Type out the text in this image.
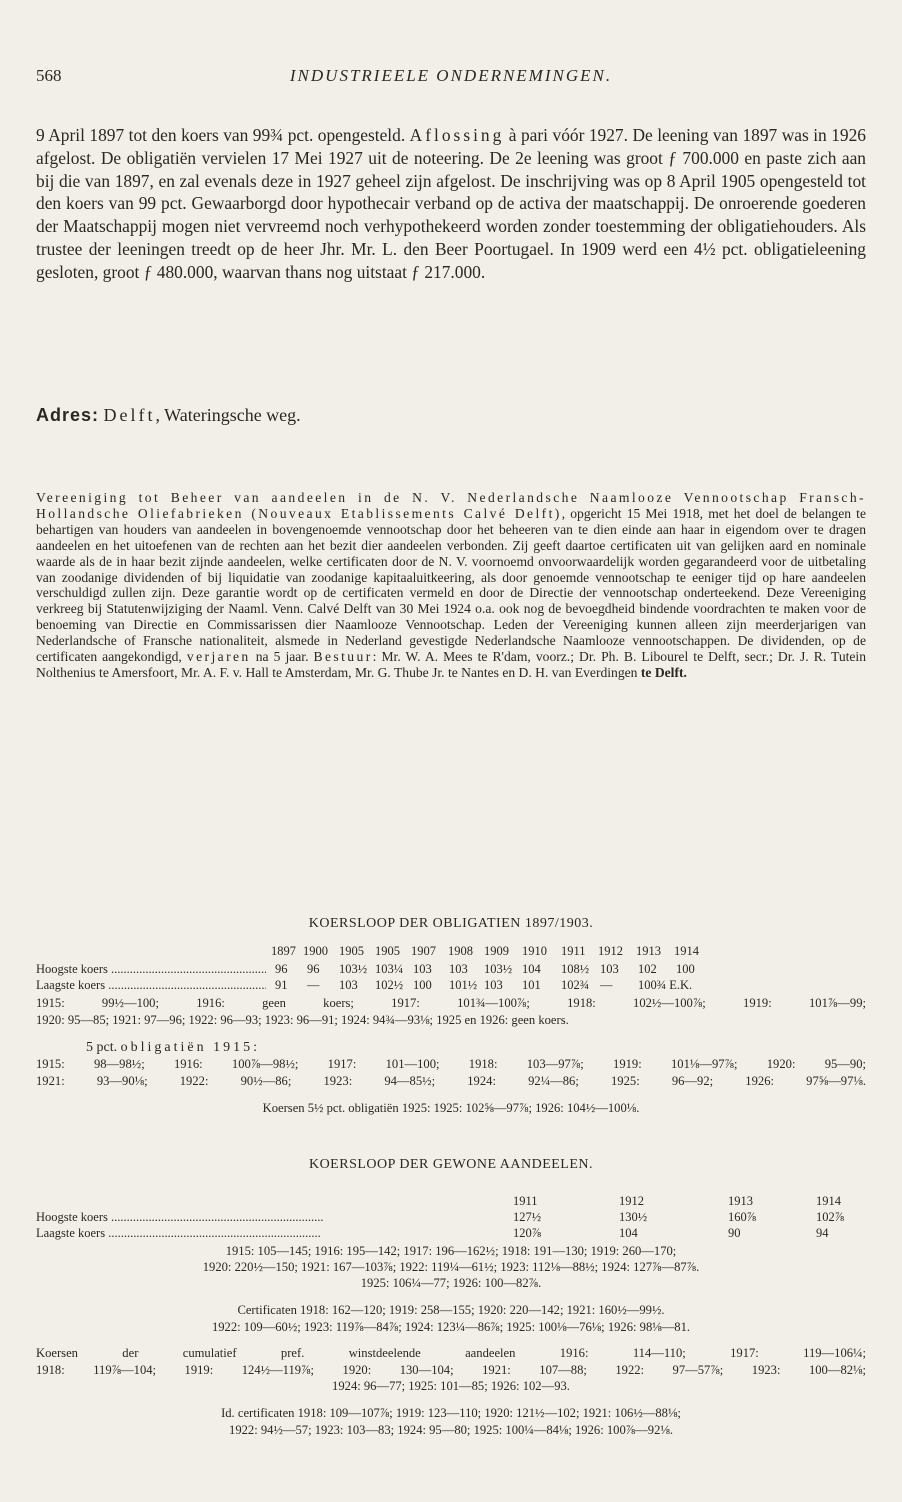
568	INDUSTRIEELE ONDERNEMINGEN.

9 April 1897 tot den koers van 99¾ pct. opengesteld. Aflossing à pari vóór 1927. De leening van 1897 was in 1926 afgelost. De obligatiën vervielen 17 Mei 1927 uit de noteering. De 2e leening was groot ƒ 700.000 en paste zich aan bij die van 1897, en zal evenals deze in 1927 geheel zijn afgelost. De inschrijving was op 8 April 1905 opengesteld tot den koers van 99 pct. Gewaarborgd door hypothecair verband op de activa der maatschappij. De onroerende goederen der Maatschappij mogen niet vervreemd noch verhypothekeerd worden zonder toestemming der obligatiehouders. Als trustee der leeningen treedt op de heer Jhr. Mr. L. den Beer Poortugael. In 1909 werd een 4½ pct. obligatieleening gesloten, groot ƒ 480.000, waarvan thans nog uitstaat ƒ 217.000.

Adres: Delft, Wateringsche weg.

Vereeniging tot Beheer van aandeelen in de N. V. Nederlandsche Naamlooze Vennootschap Fransch-Hollandsche Oliefabrieken (Nouveaux Etablissements Calvé Delft), opgericht 15 Mei 1918, met het doel de belangen te behartigen van houders van aandeelen in bovengenoemde vennootschap door het beheeren van te dien einde aan haar in eigendom over te dragen aandeelen en het uitoefenen van de rechten aan het bezit dier aandeelen verbonden. Zij geeft daartoe certificaten uit van gelijken aard en nominale waarde als de in haar bezit zijnde aandeelen, welke certificaten door de N. V. voornoemd onvoorwaardelijk worden gegarandeerd voor de uitbetaling van zoodanige dividenden of bij liquidatie van zoodanige kapitaaluitkeering, als door genoemde vennootschap te eeniger tijd op hare aandeelen verschuldigd zullen zijn. Deze garantie wordt op de certificaten vermeld en door de Directie der vennootschap onderteekend. Deze Vereeniging verkreeg bij Statutenwijziging der Naaml. Venn. Calvé Delft van 30 Mei 1924 o.a. ook nog de bevoegdheid bindende voordrachten te maken voor de benoeming van Directie en Commissarissen dier Naamlooze Vennootschap. Leden der Vereeniging kunnen alleen zijn meerderjarigen van Nederlandsche of Fransche nationaliteit, alsmede in Nederland gevestigde Nederlandsche Naamlooze vennootschappen. De dividenden, op de certificaten aangekondigd, verjaren na 5 jaar. Bestuur: Mr. W. A. Mees te R'dam, voorz.; Dr. Ph. B. Libourel te Delft, secr.; Dr. J. R. Tutein Nolthenius te Amersfoort, Mr. A. F. v. Hall te Amsterdam, Mr. G. Thube Jr. te Nantes en D. H. van Everdingen te Delft.

KOERSLOOP DER OBLIGATIEN 1897/1903.
1897 1900 1905 1905 1907 1908 1909 1910 1911 1912 1913 1914
Hoogste koers .....	96 96 103½ 103¼ 103 103 103½ 104 108½ 103 102 100
Laagste koers .....	91 — 103 102½ 100 101½ 103 101 102¾ — 100¾ E.K.
1915: 99½—100; 1916: geen koers; 1917: 101¾—100⅞; 1918: 102½—100⅞; 1919: 101⅞—99;
1920: 95—85; 1921: 97—96; 1922: 96—93; 1923: 96—91; 1924: 94¾—93⅛; 1925 en 1926: geen koers.
5 pct. obligatiën 1915:
1915: 98—98½; 1916: 100⅞—98½; 1917: 101—100; 1918: 103—97⅞; 1919: 101⅛—97⅞; 1920: 95—90;
1921: 93—90⅛; 1922: 90½—86; 1923: 94—85½; 1924: 92¼—86; 1925: 96—92; 1926: 97⅝—97⅛.
Koersen 5½ pct. obligatiën 1925: 1925: 102⅝—97⅞; 1926: 104½—100⅛.
KOERSLOOP DER GEWONE AANDEELEN.
1911	1912	1913	1914
Hoogste koers .....	127½	130½	160⅞	102⅞
Laagste koers .....	120⅞	104	90	94
1915: 105—145; 1916: 195—142; 1917: 196—162½; 1918: 191—130; 1919: 260—170;
1920: 220½—150; 1921: 167—103⅞; 1922: 119¼—61½; 1923: 112⅛—88½; 1924: 127⅞—87⅞.
1925: 106¼—77; 1926: 100—82⅞.
Certificaten 1918: 162—120; 1919: 258—155; 1920: 220—142; 1921: 160½—99½.
1922: 109—60½; 1923: 119⅞—84⅞; 1924: 123¼—86⅞; 1925: 100⅛—76⅛; 1926: 98⅛—81.
Koersen der cumulatief pref. winstdeelende aandeelen 1916: 114—110; 1917: 119—106¼;
1918: 119⅞—104; 1919: 124½—119⅞; 1920: 130—104; 1921: 107—88; 1922: 97—57⅞; 1923: 100—82⅛;
1924: 96—77; 1925: 101—85; 1926: 102—93.
Id. certificaten 1918: 109—107⅞; 1919: 123—110; 1920: 121½—102; 1921: 106½—88⅛;
1922: 94½—57; 1923: 103—83; 1924: 95—80; 1925: 100¼—84⅛; 1926: 100⅞—92⅛.
